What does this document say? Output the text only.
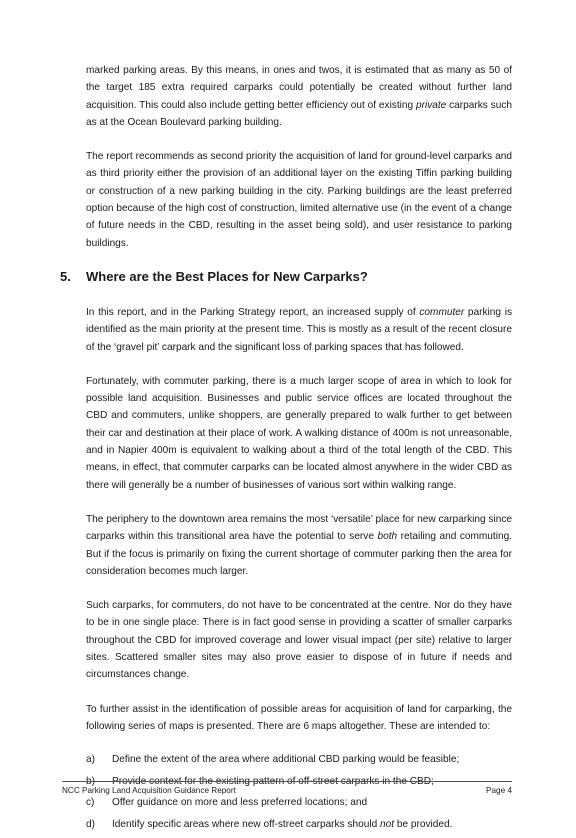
marked parking areas. By this means, in ones and twos, it is estimated that as many as 50 of the target 185 extra required carparks could potentially be created without further land acquisition. This could also include getting better efficiency out of existing private carparks such as at the Ocean Boulevard parking building.

The report recommends as second priority the acquisition of land for ground-level carparks and as third priority either the provision of an additional layer on the existing Tiffin parking building or construction of a new parking building in the city. Parking buildings are the least preferred option because of the high cost of construction, limited alternative use (in the event of a change of future needs in the CBD, resulting in the asset being sold), and user resistance to parking buildings.

5.	Where are the Best Places for New Carparks?

In this report, and in the Parking Strategy report, an increased supply of commuter parking is identified as the main priority at the present time. This is mostly as a result of the recent closure of the ‘gravel pit’ carpark and the significant loss of parking spaces that has followed.

Fortunately, with commuter parking, there is a much larger scope of area in which to look for possible land acquisition. Businesses and public service offices are located throughout the CBD and commuters, unlike shoppers, are generally prepared to walk further to get between their car and destination at their place of work. A walking distance of 400m is not unreasonable, and in Napier 400m is equivalent to walking about a third of the total length of the CBD. This means, in effect, that commuter carparks can be located almost anywhere in the wider CBD as there will generally be a number of businesses of various sort within walking range.

The periphery to the downtown area remains the most ‘versatile’ place for new carparking since carparks within this transitional area have the potential to serve both retailing and commuting. But if the focus is primarily on fixing the current shortage of commuter parking then the area for consideration becomes much larger.

Such carparks, for commuters, do not have to be concentrated at the centre. Nor do they have to be in one single place. There is in fact good sense in providing a scatter of smaller carparks throughout the CBD for improved coverage and lower visual impact (per site) relative to larger sites. Scattered smaller sites may also prove easier to dispose of in future if needs and circumstances change.

To further assist in the identification of possible areas for acquisition of land for carparking, the following series of maps is presented. There are 6 maps altogether. These are intended to:

a)	Define the extent of the area where additional CBD parking would be feasible;
b)	Provide context for the existing pattern of off-street carparks in the CBD;
c)	Offer guidance on more and less preferred locations; and
d)	Identify specific areas where new off-street carparks should not be provided.
NCC Parking Land Acquisition Guidance Report	Page 4
